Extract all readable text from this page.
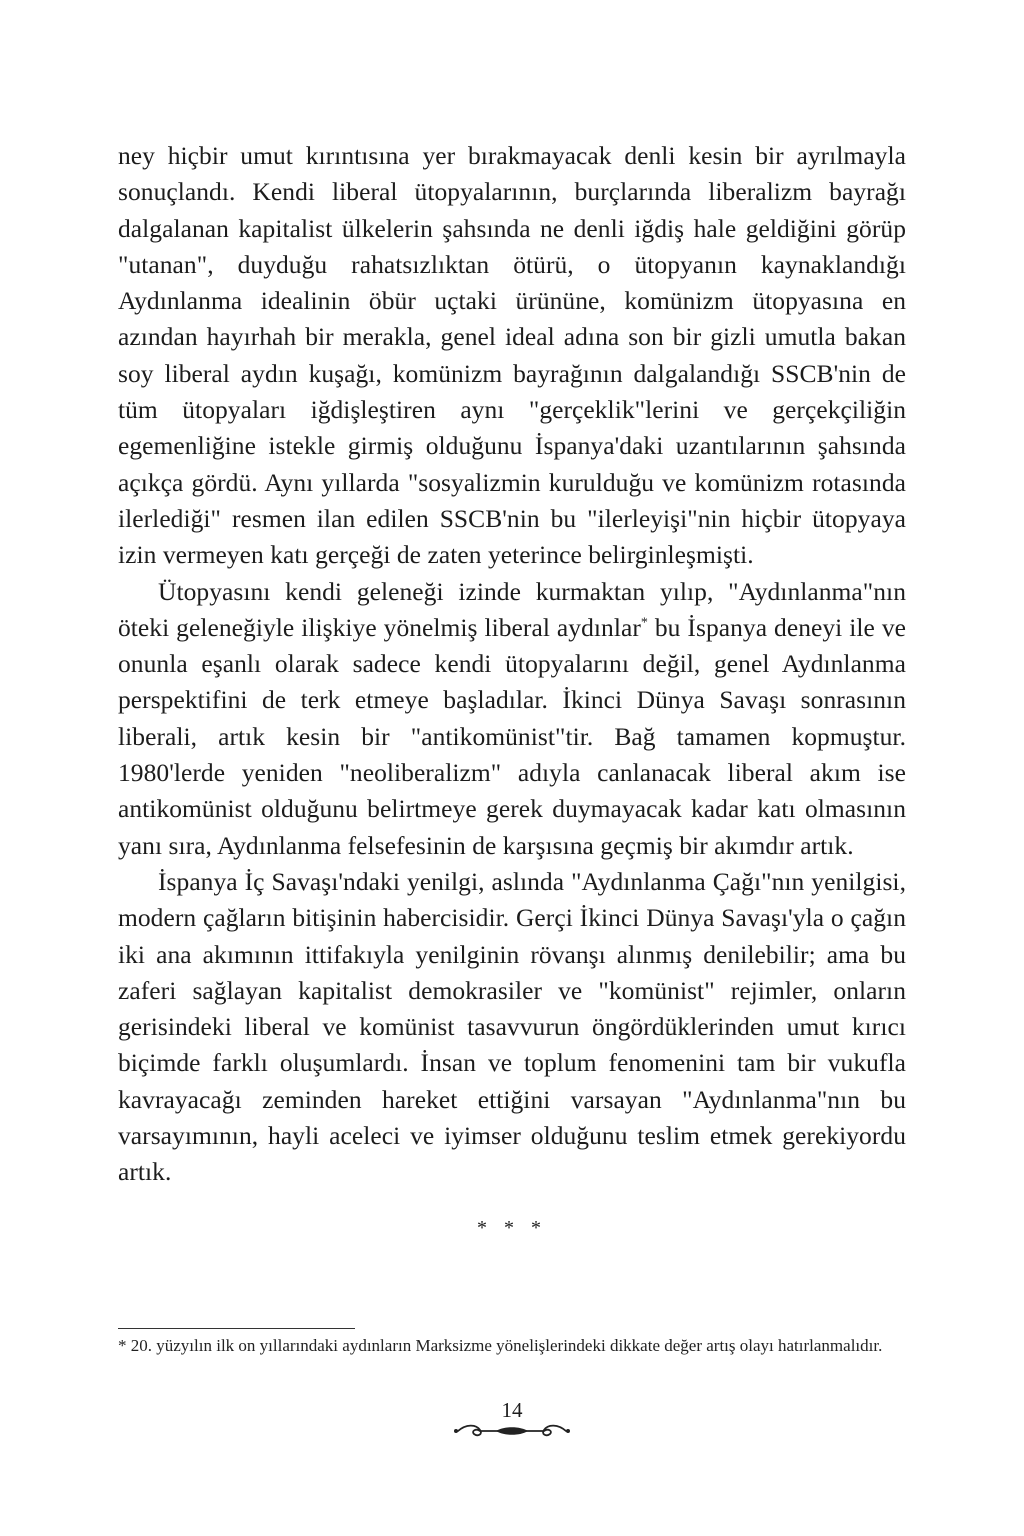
ney hiçbir umut kırıntısına yer bırakmayacak denli kesin bir ayrılmayla sonuçlandı. Kendi liberal ütopyalarının, burçlarında liberalizm bayrağı dalgalanan kapitalist ülkelerin şahsında ne denli iğdiş hale geldiğini görüp "utanan", duyduğu rahatsızlıktan ötürü, o ütopyanın kaynaklandığı Aydınlanma idealinin öbür uçtaki ürününe, komünizm ütopyasına en azından hayırhah bir merakla, genel ideal adına son bir gizli umutla bakan soy liberal aydın kuşağı, komünizm bayrağının dalgalandığı SSCB'nin de tüm ütopyaları iğdişleştiren aynı "gerçeklik"lerini ve gerçekçiliğin egemenliğine istekle girmiş olduğunu İspanya'daki uzantılarının şahsında açıkça gördü. Aynı yıllarda "sosyalizmin kurulduğu ve komünizm rotasında ilerlediği" resmen ilan edilen SSCB'nin bu "ilerleyişi"nin hiçbir ütopyaya izin vermeyen katı gerçeği de zaten yeterince belirginleşmişti.

Ütopyasını kendi geleneği izinde kurmaktan yılıp, "Aydınlanma"nın öteki geleneğiyle ilişkiye yönelmiş liberal aydınlar* bu İspanya deneyi ile ve onunla eşanlı olarak sadece kendi ütopyalarını değil, genel Aydınlanma perspektifini de terk etmeye başladılar. İkinci Dünya Savaşı sonrasının liberali, artık kesin bir "antikomünist"tir. Bağ tamamen kopmuştur. 1980'lerde yeniden "neoliberalizm" adıyla canlanacak liberal akım ise antikomünist olduğunu belirtmeye gerek duymayacak kadar katı olmasının yanı sıra, Aydınlanma felsefesinin de karşısına geçmiş bir akımdır artık.

İspanya İç Savaşı'ndaki yenilgi, aslında "Aydınlanma Çağı"nın yenilgisi, modern çağların bitişinin habercisidir. Gerçi İkinci Dünya Savaşı'yla o çağın iki ana akımının ittifakıyla yenilginin rövanşı alınmış denilebilir; ama bu zaferi sağlayan kapitalist demokrasiler ve "komünist" rejimler, onların gerisindeki liberal ve komünist tasavvurun öngördüklerinden umut kırıcı biçimde farklı oluşumlardı. İnsan ve toplum fenomenini tam bir vukufla kavrayacağı zeminden hareket ettiğini varsayan "Aydınlanma"nın bu varsayımının, hayli aceleci ve iyimser olduğunu teslim etmek gerekiyordu artık.

* * *
* 20. yüzyılın ilk on yıllarındaki aydınların Marksizme yönelişlerindeki dikkate değer artış olayı hatırlanmalıdır.
14
